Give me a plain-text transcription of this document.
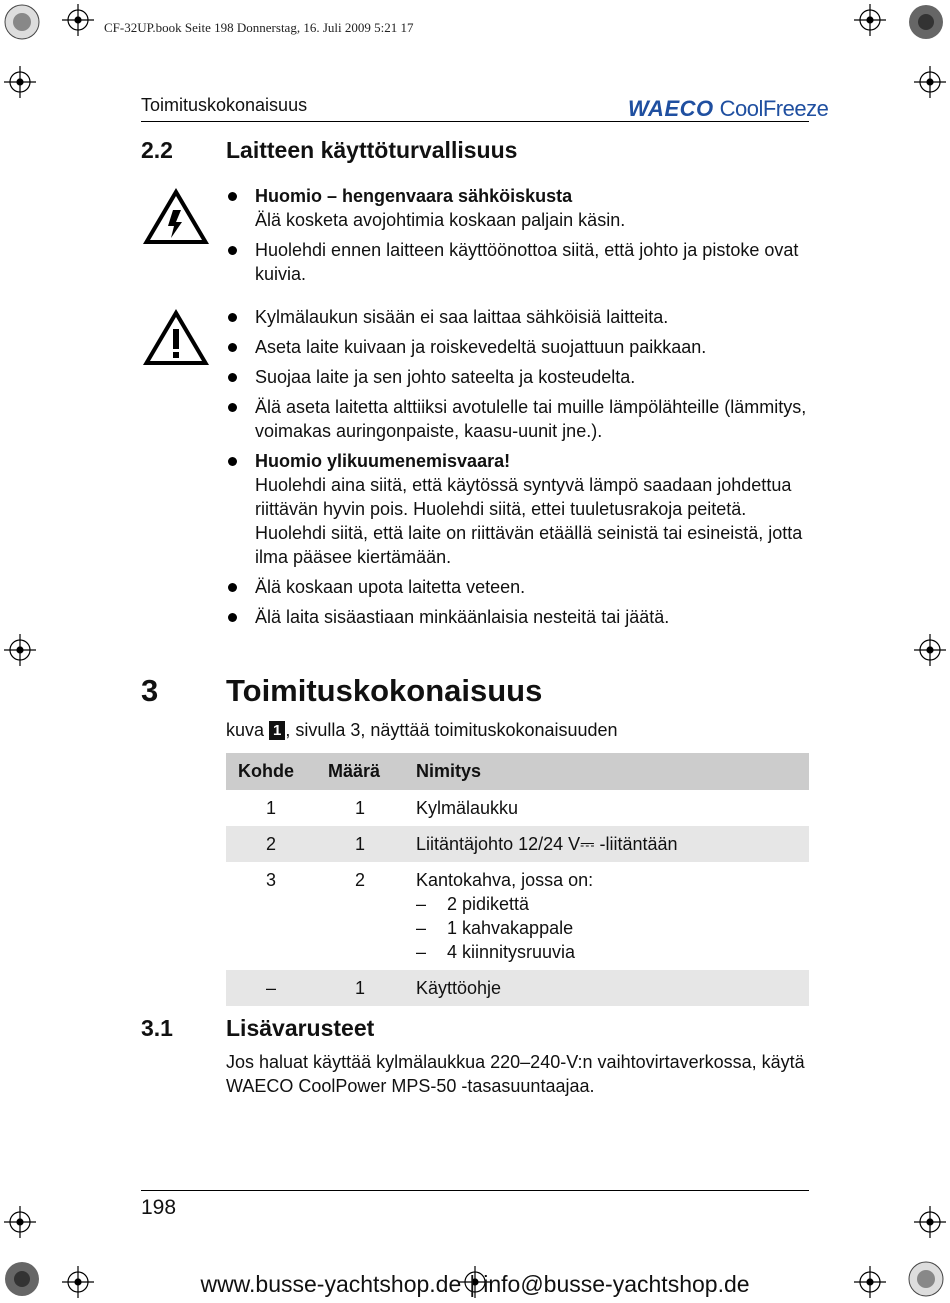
CF-32UP.book Seite 198 Donnerstag, 16. Juli 2009 5:21 17
Toimituskokonaisuus	WAECO CoolFreeze
2.2 Laitteen käyttöturvallisuus
Huomio – hengenvaara sähköiskusta
Älä kosketa avojohtimia koskaan paljain käsin.
Huolehdi ennen laitteen käyttöönottoa siitä, että johto ja pistoke ovat kuivia.
Kylmälaukun sisään ei saa laittaa sähköisiä laitteita.
Aseta laite kuivaan ja roiskevedeltä suojattuun paikkaan.
Suojaa laite ja sen johto sateelta ja kosteudelta.
Älä aseta laitetta alttiiksi avotulelle tai muille lämpölähteille (lämmitys, voimakas auringonpaiste, kaasu-uunit jne.).
Huomio ylikuumenemisvaara!
Huolehdi aina siitä, että käytössä syntyvä lämpö saadaan johdettua riittävän hyvin pois. Huolehdi siitä, ettei tuuletusrakoja peitetä. Huolehdi siitä, että laite on riittävän etäällä seinistä tai esineistä, jotta ilma pääsee kiertämään.
Älä koskaan upota laitetta veteen.
Älä laita sisäastiaan minkäänlaisia nesteitä tai jäätä.
3 Toimituskokonaisuus
kuva 1 , sivulla 3, näyttää toimituskokonaisuuden
Kohde	Määrä	Nimitys
1	1	Kylmälaukku
2	1	Liitäntäjohto 12/24 V⎓ -liitäntään
3	2	Kantokahva, jossa on:
– 2 pidikettä
– 1 kahvakappale
– 4 kiinnitysruuvia

–	1	Käyttöohje
3.1 Lisävarusteet
Jos haluat käyttää kylmälaukkua 220–240-V:n vaihtovirtaverkossa, käytä WAECO CoolPower MPS-50 -tasasuuntaajaa.
198
www.busse-yachtshop.de | info@busse-yachtshop.de
